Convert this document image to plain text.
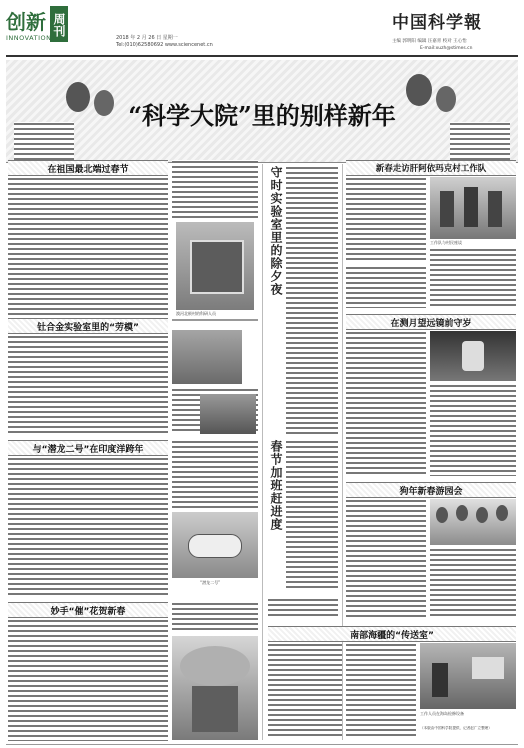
创新 周刊
INNOVATION	2018 年 2 月 26 日 星期一
Tel:(010)62580692 www.sciencenet.cn
中国科学報
主编 郭明阳 编辑 汪嘉青 校对 王心怡
E-mail:xuzh@stimes.cn
“科学大院”里的别样新年
在祖国最北端过春节
漠河北极村的科研人员
钍合金实验室里的“劳模”
与“潜龙二号”在印度洋跨年
“潜龙二号”
妙手“催”花贺新春
守时实验室里的除夕夜
春节加班赶进度
新春走访肝阿依玛克村工作队
工作队与村民座谈
在测月望远镜前守岁
狗年新春游园会
南部海疆的“传送室”
工作人员在海岛检修设备
（本版由中国科学院提供，记者赵广立整理）
